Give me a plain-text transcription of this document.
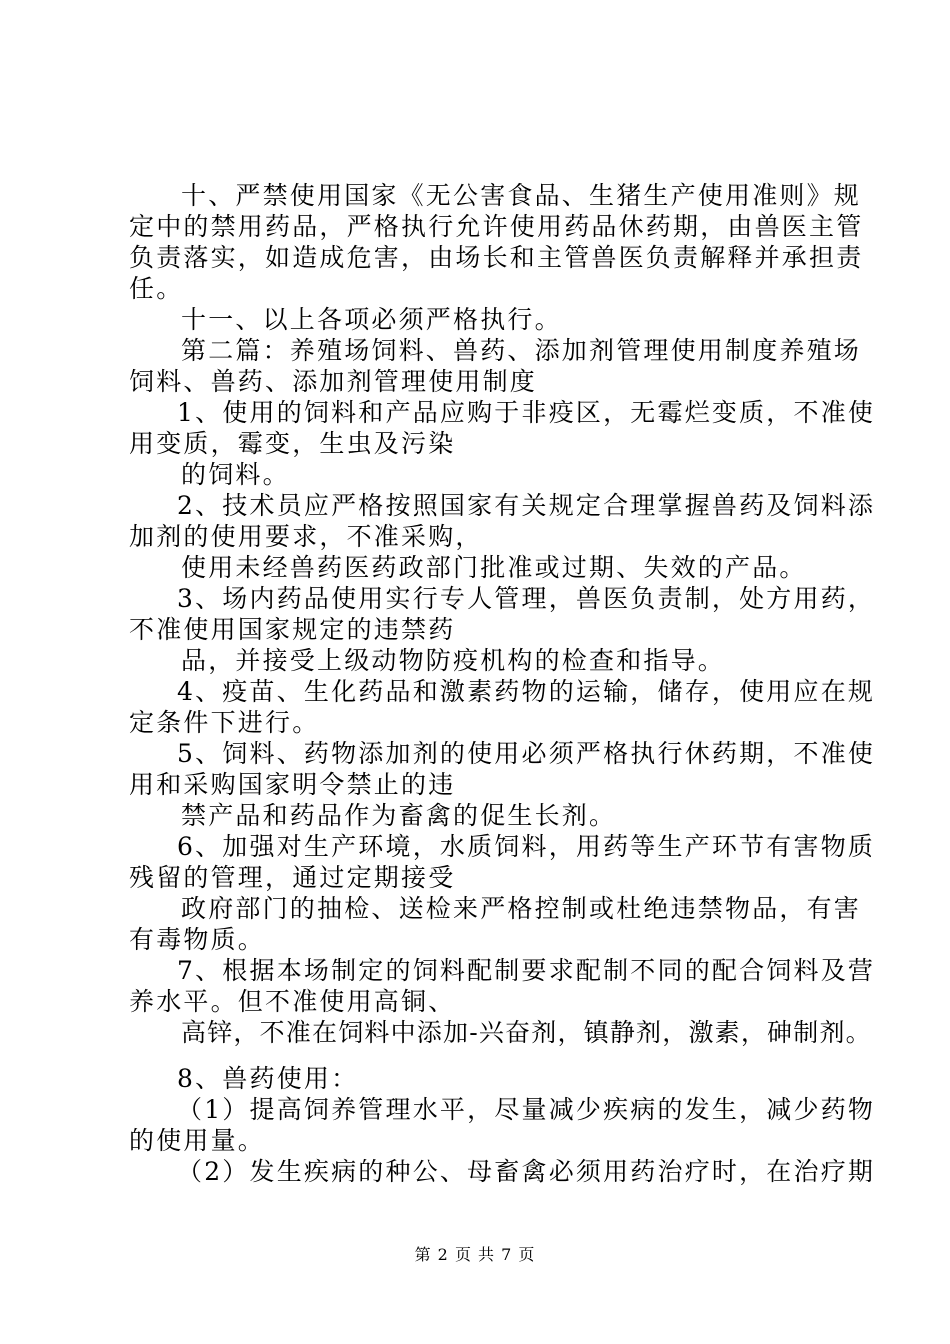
十、严禁使用国家《无公害食品、生猪生产使用准则》规
定中的禁用药品，严格执行允许使用药品休药期，由兽医主管
负责落实，如造成危害，由场长和主管兽医负责解释并承担责
任。
十一、以上各项必须严格执行。
第二篇：养殖场饲料、兽药、添加剂管理使用制度养殖场
饲料、兽药、添加剂管理使用制度
1、使用的饲料和产品应购于非疫区，无霉烂变质，不准使
用变质，霉变，生虫及污染
的饲料。
2、技术员应严格按照国家有关规定合理掌握兽药及饲料添
加剂的使用要求，不准采购，
使用未经兽药医药政部门批准或过期、失效的产品。
3、场内药品使用实行专人管理，兽医负责制，处方用药，
不准使用国家规定的违禁药
品，并接受上级动物防疫机构的检查和指导。
4、疫苗、生化药品和激素药物的运输，储存，使用应在规
定条件下进行。
5、饲料、药物添加剂的使用必须严格执行休药期，不准使
用和采购国家明令禁止的违
禁产品和药品作为畜禽的促生长剂。
6、加强对生产环境，水质饲料，用药等生产环节有害物质
残留的管理，通过定期接受
政府部门的抽检、送检来严格控制或杜绝违禁物品，有害
有毒物质。
7、根据本场制定的饲料配制要求配制不同的配合饲料及营
养水平。但不准使用高铜、
高锌，不准在饲料中添加-兴奋剂，镇静剂，激素，砷制剂。
8、兽药使用：
（1）提高饲养管理水平，尽量减少疾病的发生，减少药物
的使用量。
（2）发生疾病的种公、母畜禽必须用药治疗时，在治疗期
第 2 页 共 7 页
